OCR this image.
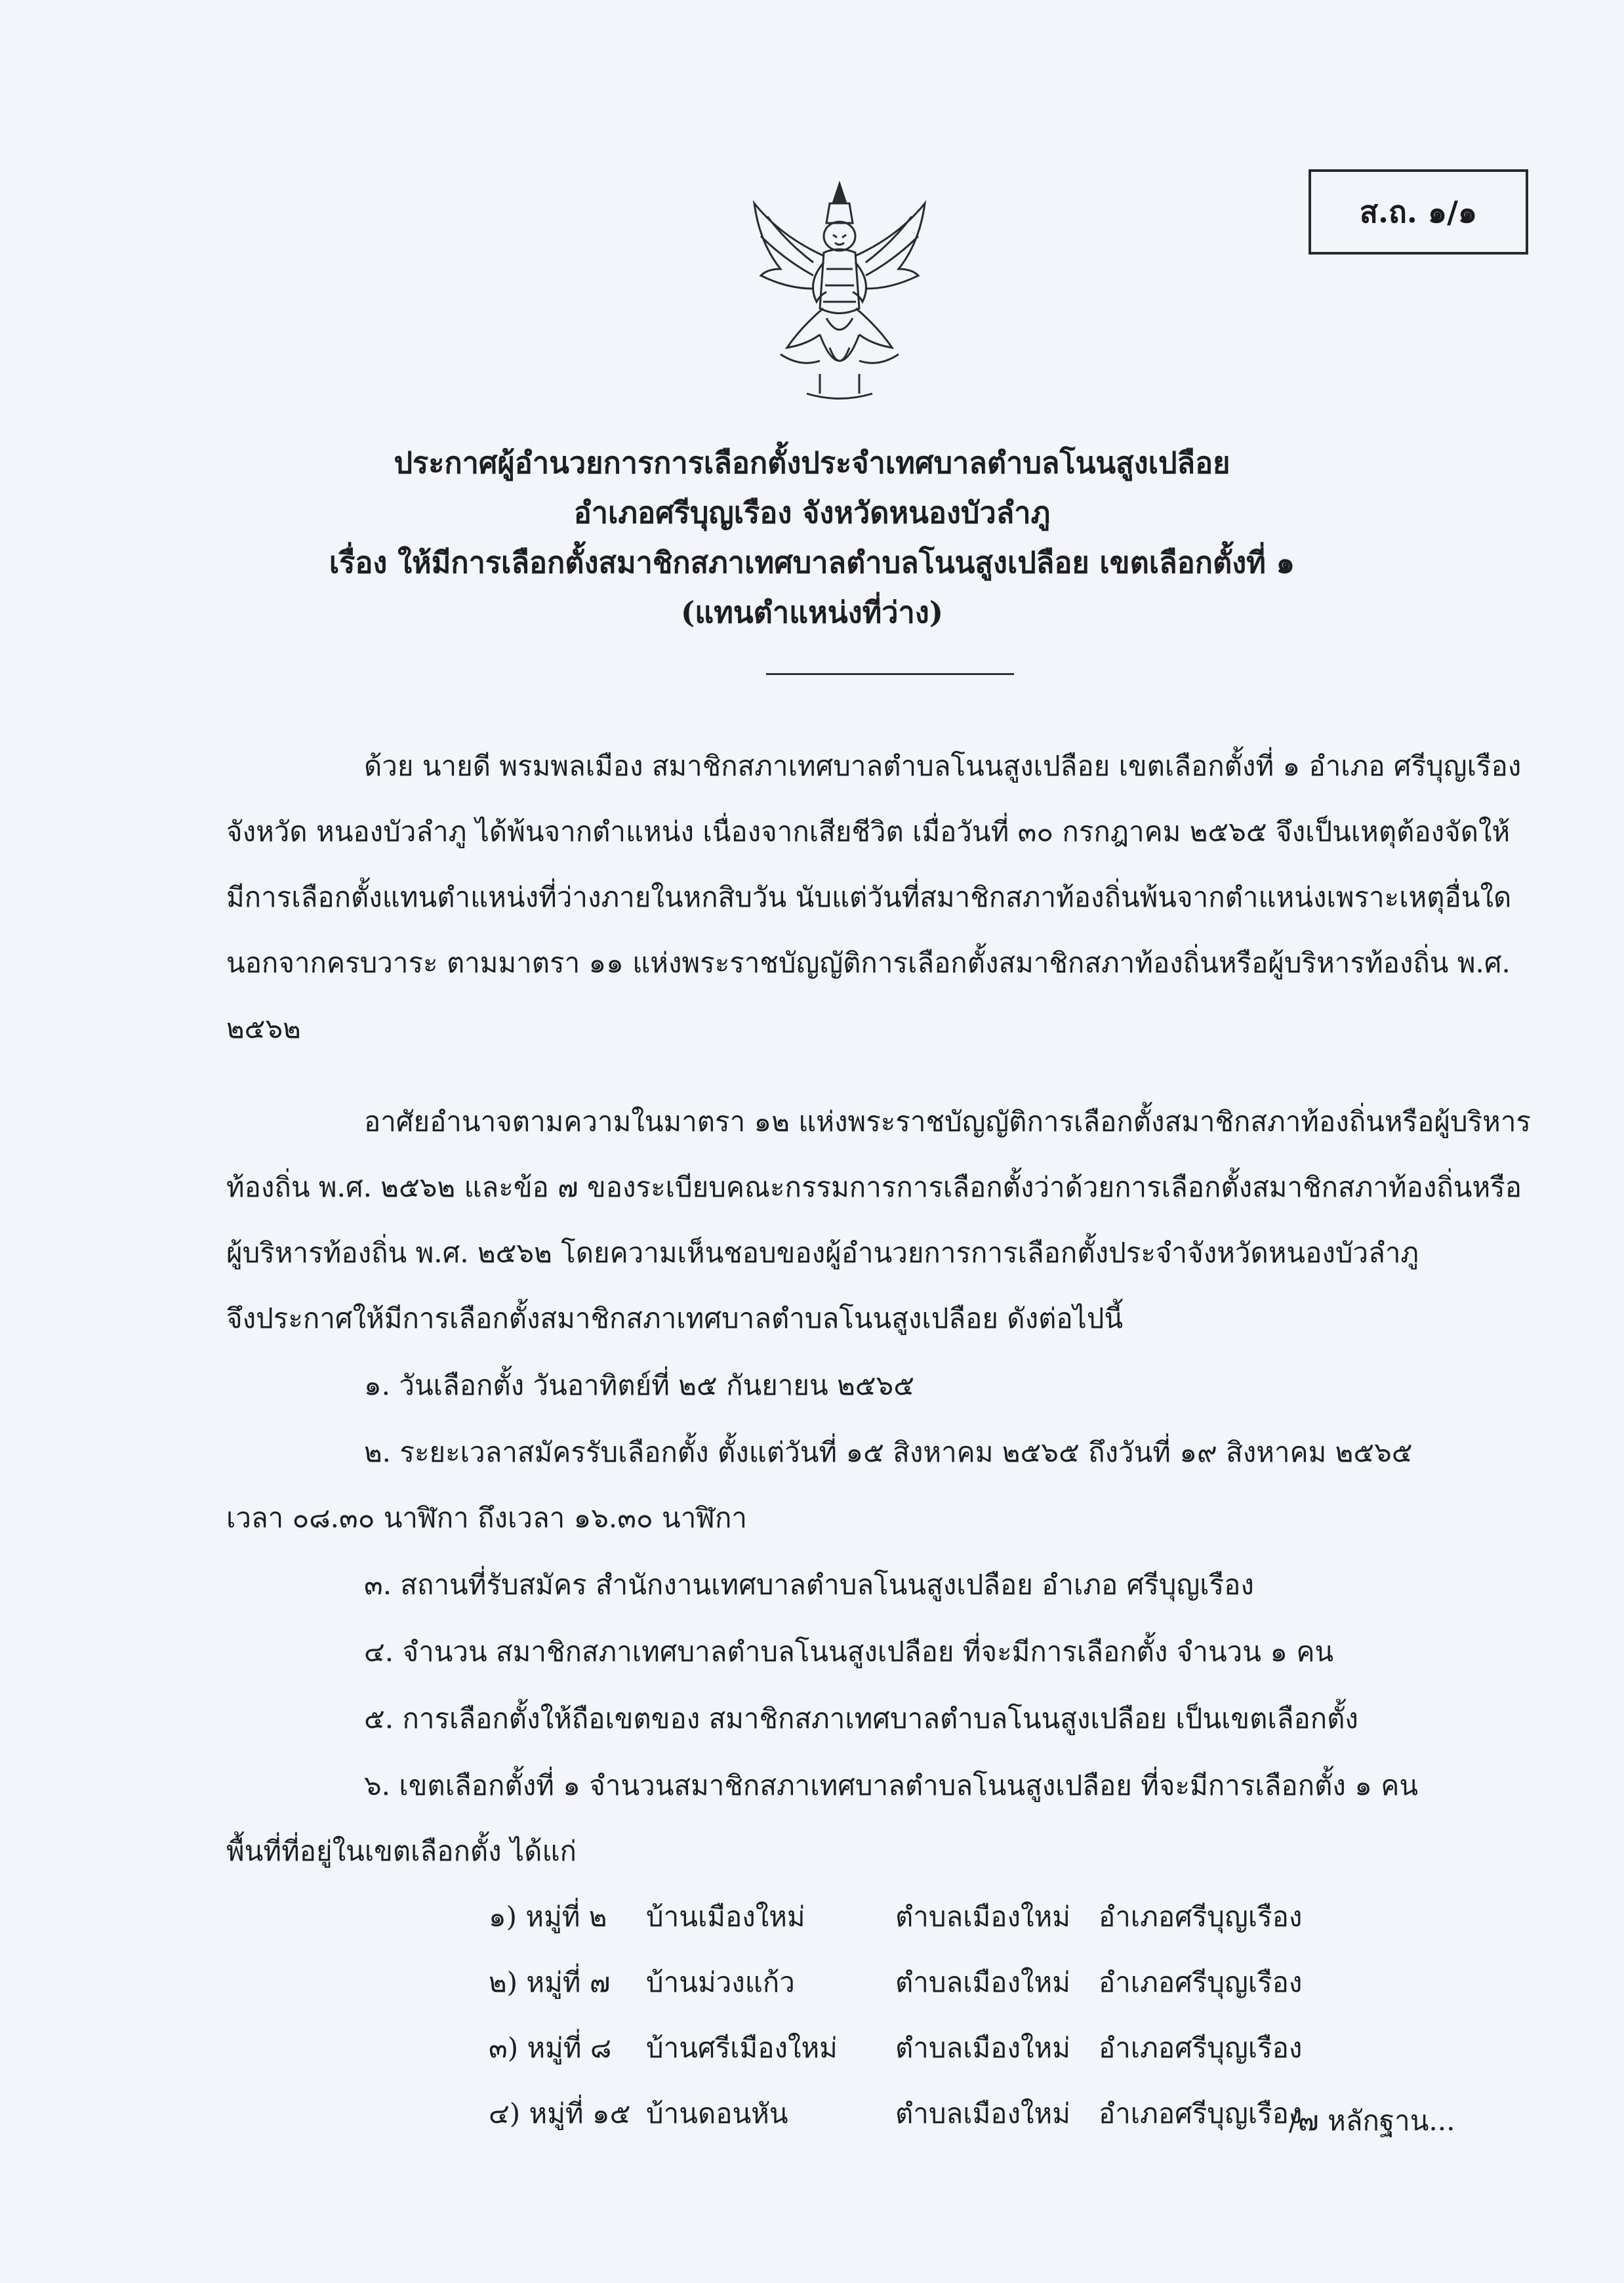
ส.ถ. ๑/๑
ประกาศผู้อำนวยการการเลือกตั้งประจำเทศบาลตำบลโนนสูงเปลือย
อำเภอศรีบุญเรือง จังหวัดหนองบัวลำภู
เรื่อง ให้มีการเลือกตั้งสมาชิกสภาเทศบาลตำบลโนนสูงเปลือย เขตเลือกตั้งที่ ๑
(แทนตำแหน่งที่ว่าง)
ด้วย นายดี พรมพลเมือง สมาชิกสภาเทศบาลตำบลโนนสูงเปลือย เขตเลือกตั้งที่ ๑ อำเภอ ศรีบุญเรือง
จังหวัด หนองบัวลำภู ได้พ้นจากตำแหน่ง เนื่องจากเสียชีวิต เมื่อวันที่ ๓๐ กรกฎาคม ๒๕๖๕ จึงเป็นเหตุต้องจัดให้
มีการเลือกตั้งแทนตำแหน่งที่ว่างภายในหกสิบวัน นับแต่วันที่สมาชิกสภาท้องถิ่นพ้นจากตำแหน่งเพราะเหตุอื่นใด
นอกจากครบวาระ ตามมาตรา ๑๑ แห่งพระราชบัญญัติการเลือกตั้งสมาชิกสภาท้องถิ่นหรือผู้บริหารท้องถิ่น พ.ศ.
๒๕๖๒
อาศัยอำนาจตามความในมาตรา ๑๒ แห่งพระราชบัญญัติการเลือกตั้งสมาชิกสภาท้องถิ่นหรือผู้บริหาร
ท้องถิ่น พ.ศ. ๒๕๖๒ และข้อ ๗ ของระเบียบคณะกรรมการการเลือกตั้งว่าด้วยการเลือกตั้งสมาชิกสภาท้องถิ่นหรือ
ผู้บริหารท้องถิ่น พ.ศ. ๒๕๖๒ โดยความเห็นชอบของผู้อำนวยการการเลือกตั้งประจำจังหวัดหนองบัวลำภู
จึงประกาศให้มีการเลือกตั้งสมาชิกสภาเทศบาลตำบลโนนสูงเปลือย ดังต่อไปนี้
๑. วันเลือกตั้ง วันอาทิตย์ที่ ๒๕ กันยายน ๒๕๖๕
๒. ระยะเวลาสมัครรับเลือกตั้ง ตั้งแต่วันที่ ๑๕ สิงหาคม ๒๕๖๕ ถึงวันที่ ๑๙ สิงหาคม ๒๕๖๕
เวลา ๐๘.๓๐ นาฬิกา ถึงเวลา ๑๖.๓๐ นาฬิกา
๓. สถานที่รับสมัคร สำนักงานเทศบาลตำบลโนนสูงเปลือย อำเภอ ศรีบุญเรือง
๔. จำนวน สมาชิกสภาเทศบาลตำบลโนนสูงเปลือย ที่จะมีการเลือกตั้ง จำนวน ๑ คน
๕. การเลือกตั้งให้ถือเขตของ สมาชิกสภาเทศบาลตำบลโนนสูงเปลือย เป็นเขตเลือกตั้ง
๖. เขตเลือกตั้งที่ ๑ จำนวนสมาชิกสภาเทศบาลตำบลโนนสูงเปลือย ที่จะมีการเลือกตั้ง ๑ คน
พื้นที่ที่อยู่ในเขตเลือกตั้ง ได้แก่
๑) หมู่ที่ ๒	บ้านเมืองใหม่	ตำบลเมืองใหม่	อำเภอศรีบุญเรือง
๒) หมู่ที่ ๗	บ้านม่วงแก้ว	ตำบลเมืองใหม่	อำเภอศรีบุญเรือง
๓) หมู่ที่ ๘	บ้านศรีเมืองใหม่	ตำบลเมืองใหม่	อำเภอศรีบุญเรือง
๔) หมู่ที่ ๑๕ บ้านดอนหัน	ตำบลเมืองใหม่	อำเภอศรีบุญเรือง
/๗ หลักฐาน...
